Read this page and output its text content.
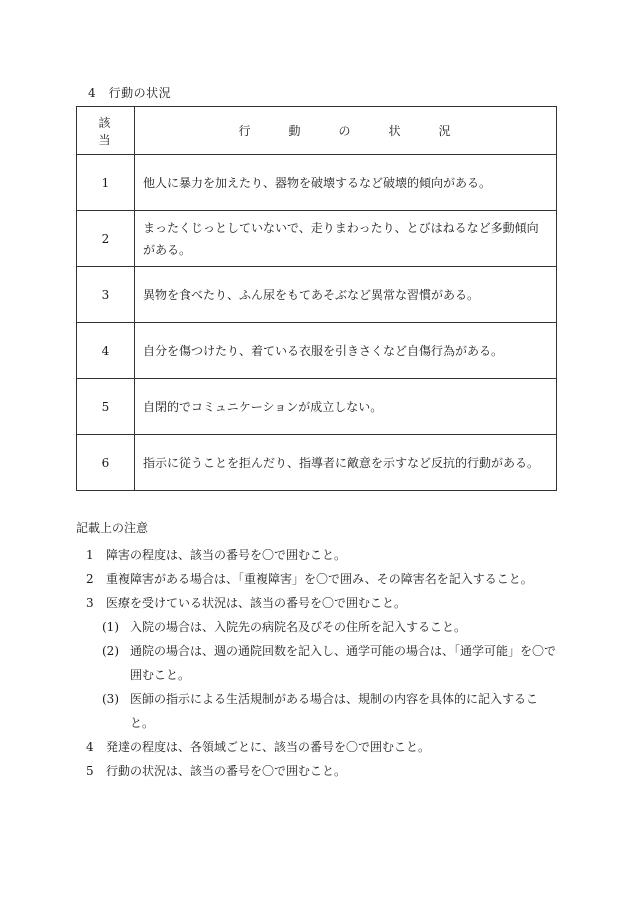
4　行動の状況
該当	行動の状況
1	他人に暴力を加えたり、器物を破壊するなど破壊的傾向がある。
2	まったくじっとしていないで、走りまわったり、とびはねるなど多動傾向がある。
3	異物を食べたり、ふん尿をもてあそぶなど異常な習慣がある。
4	自分を傷つけたり、着ている衣服を引きさくなど自傷行為がある。
5	自閉的でコミュニケーションが成立しない。
6	指示に従うことを拒んだり、指導者に敵意を示すなど反抗的行動がある。
記載上の注意
1	障害の程度は、該当の番号を〇で囲むこと。
2	重複障害がある場合は、「重複障害」を〇で囲み、その障害名を記入すること。
3	医療を受けている状況は、該当の番号を〇で囲むこと。
(1) 入院の場合は、入院先の病院名及びその住所を記入すること。
(2) 通院の場合は、週の通院回数を記入し、通学可能の場合は、「通学可能」を〇で囲むこと。
(3) 医師の指示による生活規制がある場合は、規制の内容を具体的に記入すること。
4	発達の程度は、各領域ごとに、該当の番号を〇で囲むこと。
5	行動の状況は、該当の番号を〇で囲むこと。
